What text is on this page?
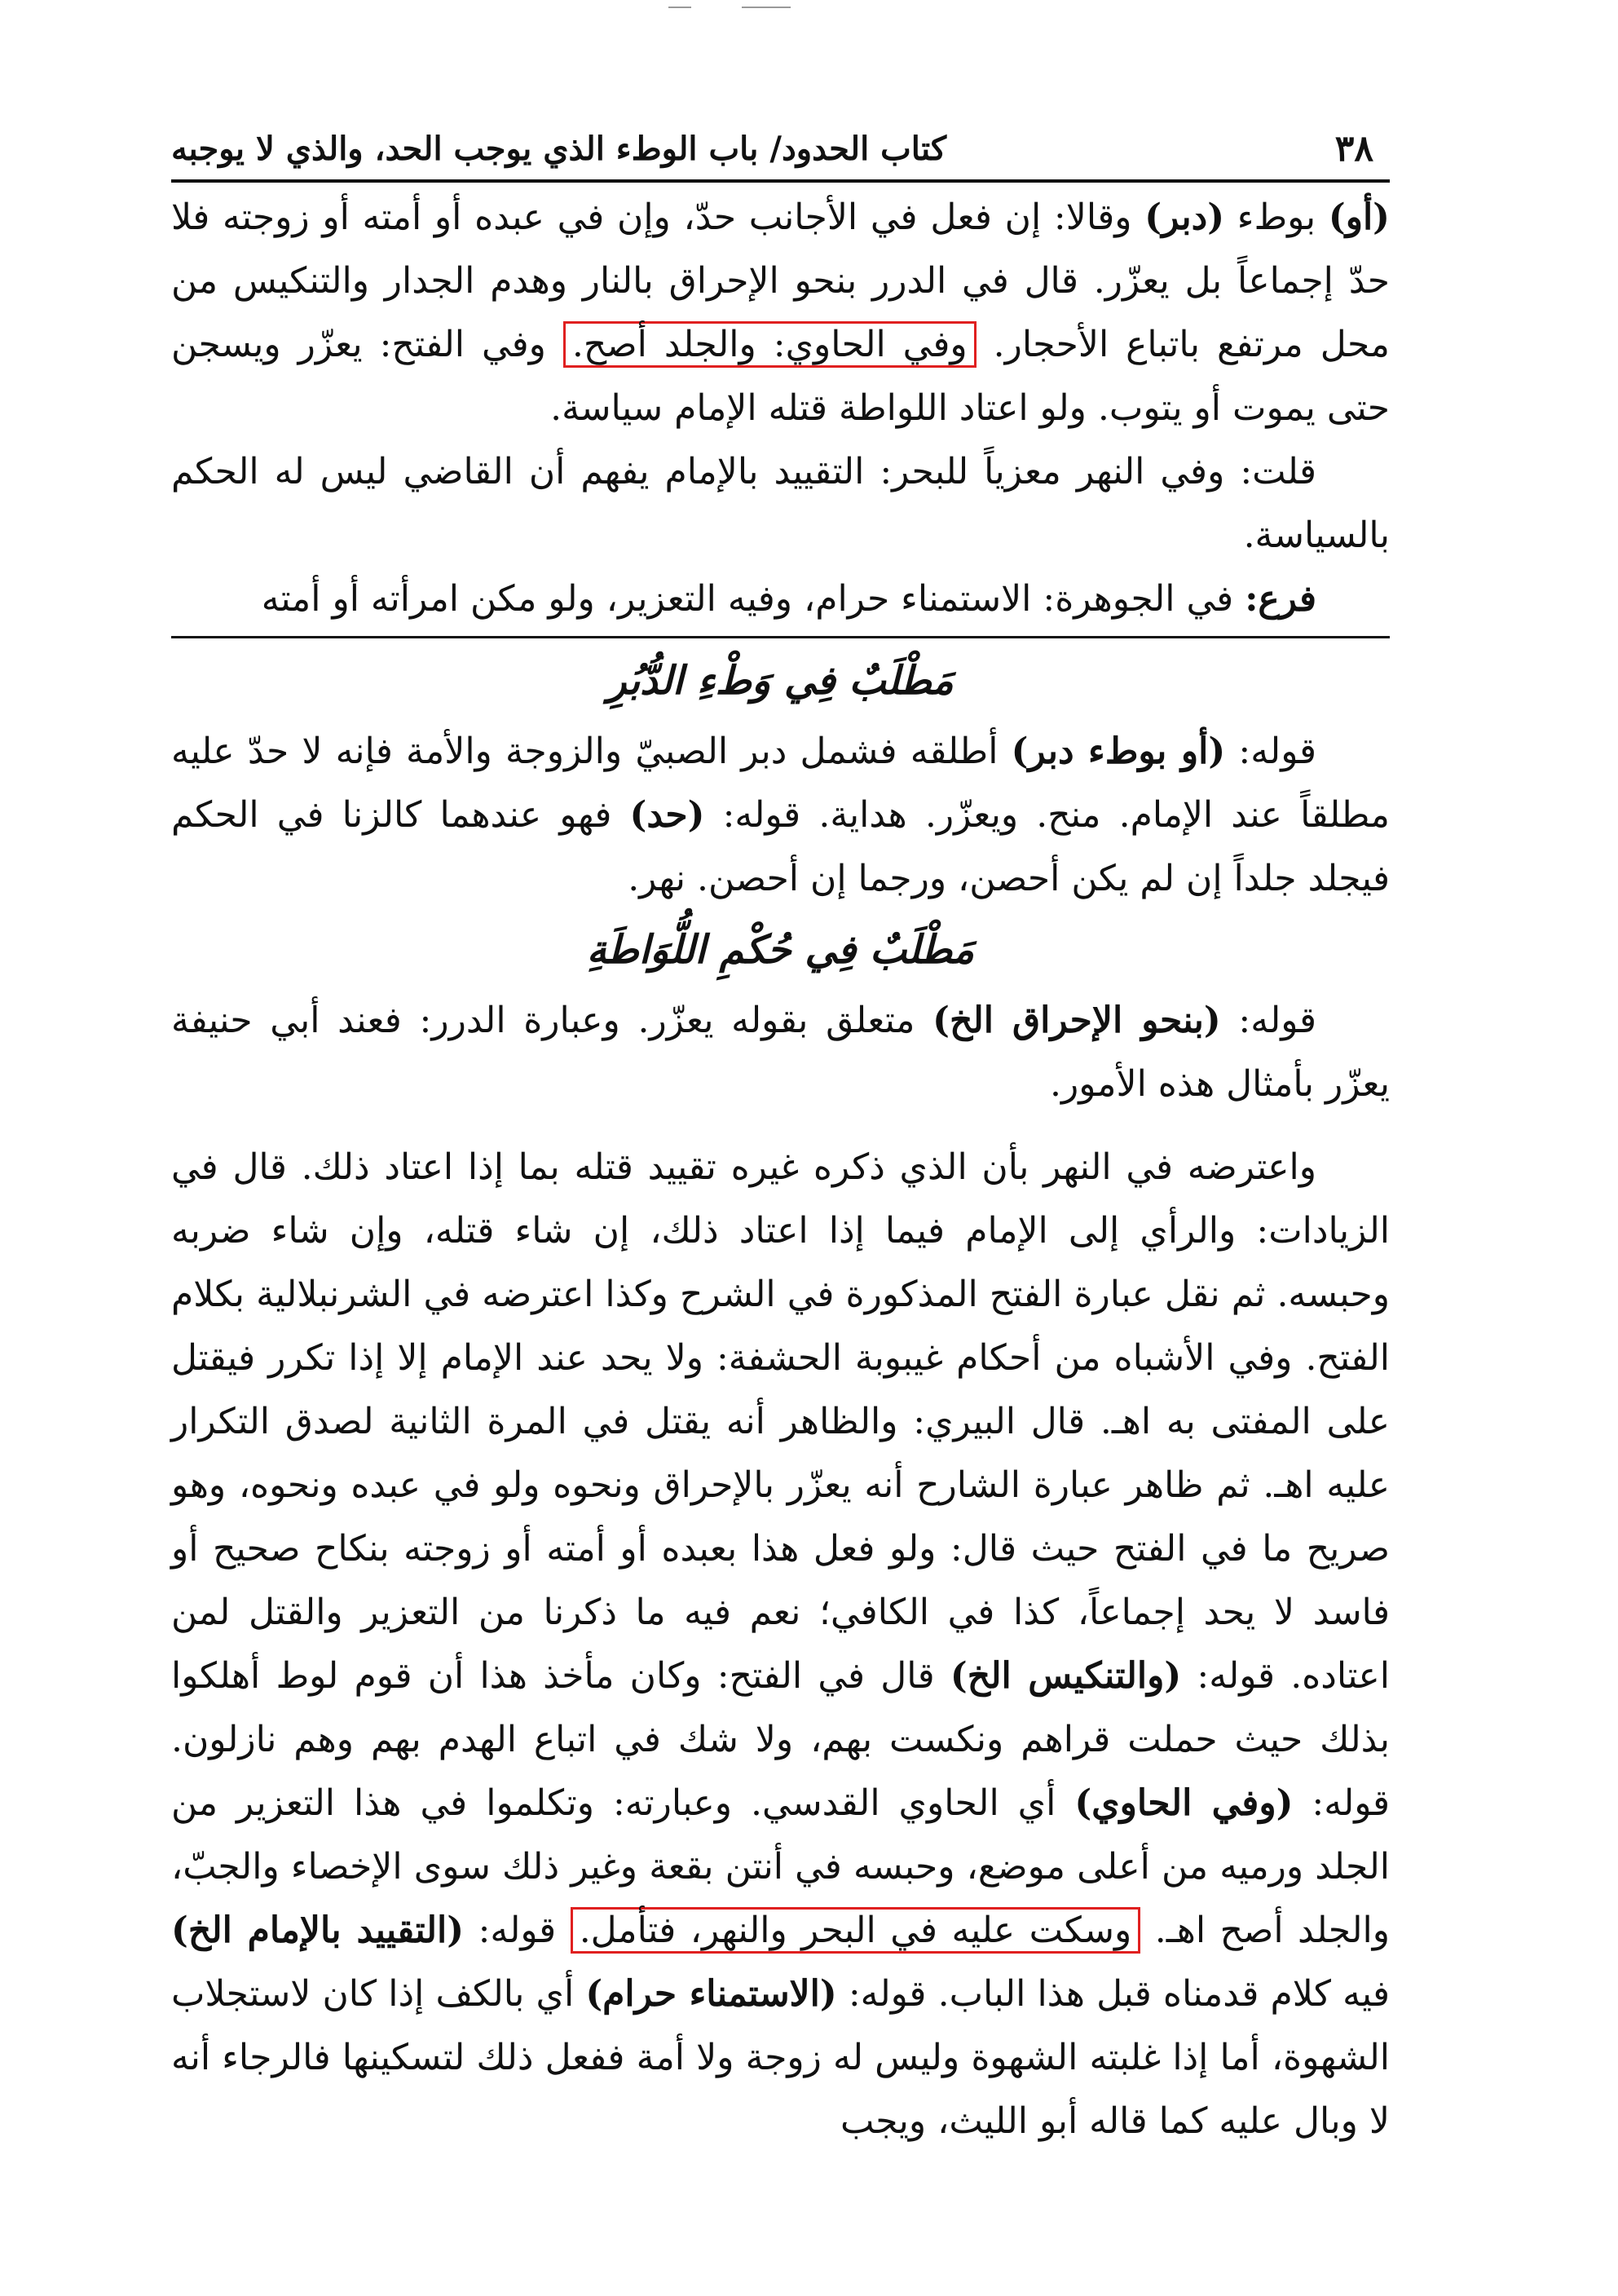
٣٨
كتاب الحدود/ باب الوطء الذي يوجب الحد، والذي لا يوجبه

(أو) بوطء (دبر) وقالا: إن فعل في الأجانب حدّ، وإن في عبده أو أمته أو زوجته فلا حدّ إجماعاً بل يعزّر. قال في الدرر بنحو الإحراق بالنار وهدم الجدار والتنكيس من محل مرتفع باتباع الأحجار. وفي الحاوي: والجلد أصح. وفي الفتح: يعزّر ويسجن حتى يموت أو يتوب. ولو اعتاد اللواطة قتله الإمام سياسة.

قلت: وفي النهر معزياً للبحر: التقييد بالإمام يفهم أن القاضي ليس له الحكم بالسياسة.

فرع: في الجوهرة: الاستمناء حرام، وفيه التعزير، ولو مكن امرأته أو أمته

مَطْلَبٌ فِي وَطْءِ الدُّبُرِ

قوله: (أو بوطء دبر) أطلقه فشمل دبر الصبيّ والزوجة والأمة فإنه لا حدّ عليه مطلقاً عند الإمام. منح. ويعزّر. هداية. قوله: (حد) فهو عندهما كالزنا في الحكم فيجلد جلداً إن لم يكن أحصن، ورجما إن أحصن. نهر.

مَطْلَبٌ فِي حُكْمِ اللُّوَاطَةِ

قوله: (بنحو الإحراق الخ) متعلق بقوله يعزّر. وعبارة الدرر: فعند أبي حنيفة يعزّر بأمثال هذه الأمور.

واعترضه في النهر بأن الذي ذكره غيره تقييد قتله بما إذا اعتاد ذلك. قال في الزيادات: والرأي إلى الإمام فيما إذا اعتاد ذلك، إن شاء قتله، وإن شاء ضربه وحبسه. ثم نقل عبارة الفتح المذكورة في الشرح وكذا اعترضه في الشرنبلالية بكلام الفتح. وفي الأشباه من أحكام غيبوبة الحشفة: ولا يحد عند الإمام إلا إذا تكرر فيقتل على المفتى به اهـ. قال البيري: والظاهر أنه يقتل في المرة الثانية لصدق التكرار عليه اهـ. ثم ظاهر عبارة الشارح أنه يعزّر بالإحراق ونحوه ولو في عبده ونحوه، وهو صريح ما في الفتح حيث قال: ولو فعل هذا بعبده أو أمته أو زوجته بنكاح صحيح أو فاسد لا يحد إجماعاً، كذا في الكافي؛ نعم فيه ما ذكرنا من التعزير والقتل لمن اعتاده. قوله: (والتنكيس الخ) قال في الفتح: وكان مأخذ هذا أن قوم لوط أهلكوا بذلك حيث حملت قراهم ونكست بهم، ولا شك في اتباع الهدم بهم وهم نازلون. قوله: (وفي الحاوي) أي الحاوي القدسي. وعبارته: وتكلموا في هذا التعزير من الجلد ورميه من أعلى موضع، وحبسه في أنتن بقعة وغير ذلك سوى الإخصاء والجبّ، والجلد أصح اهـ. وسكت عليه في البحر والنهر، فتأمل. قوله: (التقييد بالإمام الخ) فيه كلام قدمناه قبل هذا الباب. قوله: (الاستمناء حرام) أي بالكف إذا كان لاستجلاب الشهوة، أما إذا غلبته الشهوة وليس له زوجة ولا أمة ففعل ذلك لتسكينها فالرجاء أنه لا وبال عليه كما قاله أبو الليث، ويجب
